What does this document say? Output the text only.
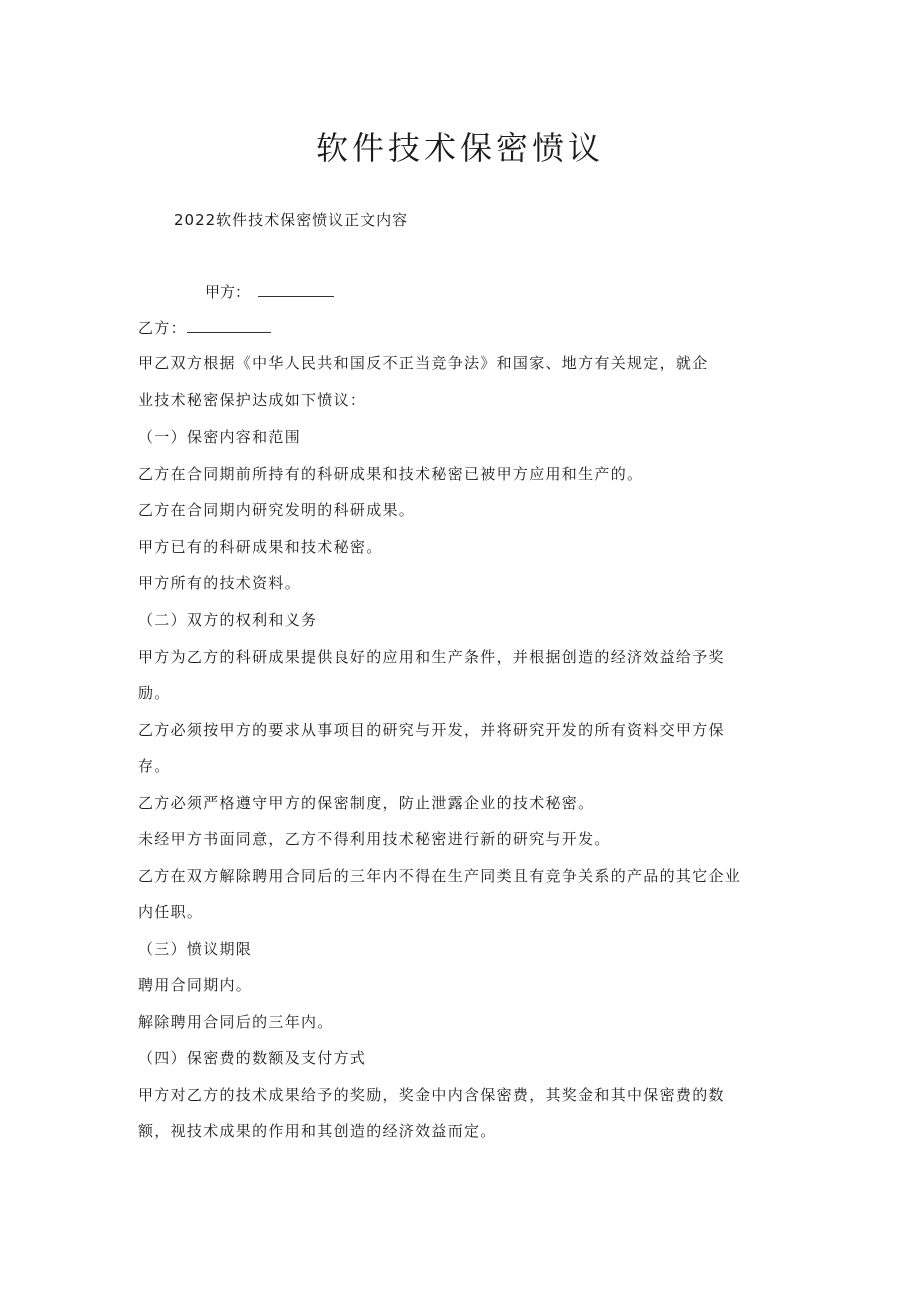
软件技术保密愤议
2022软件技术保密愤议正文内容
甲方：
乙方：
甲乙双方根据《中华人民共和国反不正当竞争法》和国家、地方有关规定，就企
业技术秘密保护达成如下愤议：
（一）保密内容和范围
乙方在合同期前所持有的科研成果和技术秘密已被甲方应用和生产的。
乙方在合同期内研究发明的科研成果。
甲方已有的科研成果和技术秘密。
甲方所有的技术资料。
（二）双方的权利和义务
甲方为乙方的科研成果提供良好的应用和生产条件，并根据创造的经济效益给予奖
励。
乙方必须按甲方的要求从事项目的研究与开发，并将研究开发的所有资料交甲方保
存。
乙方必须严格遵守甲方的保密制度，防止泄露企业的技术秘密。
未经甲方书面同意，乙方不得利用技术秘密进行新的研究与开发。
乙方在双方解除聘用合同后的三年内不得在生产同类且有竞争关系的产品的其它企业
内任职。
（三）愤议期限
聘用合同期内。
解除聘用合同后的三年内。
（四）保密费的数额及支付方式
甲方对乙方的技术成果给予的奖励，奖金中内含保密费，其奖金和其中保密费的数
额，视技术成果的作用和其创造的经济效益而定。
